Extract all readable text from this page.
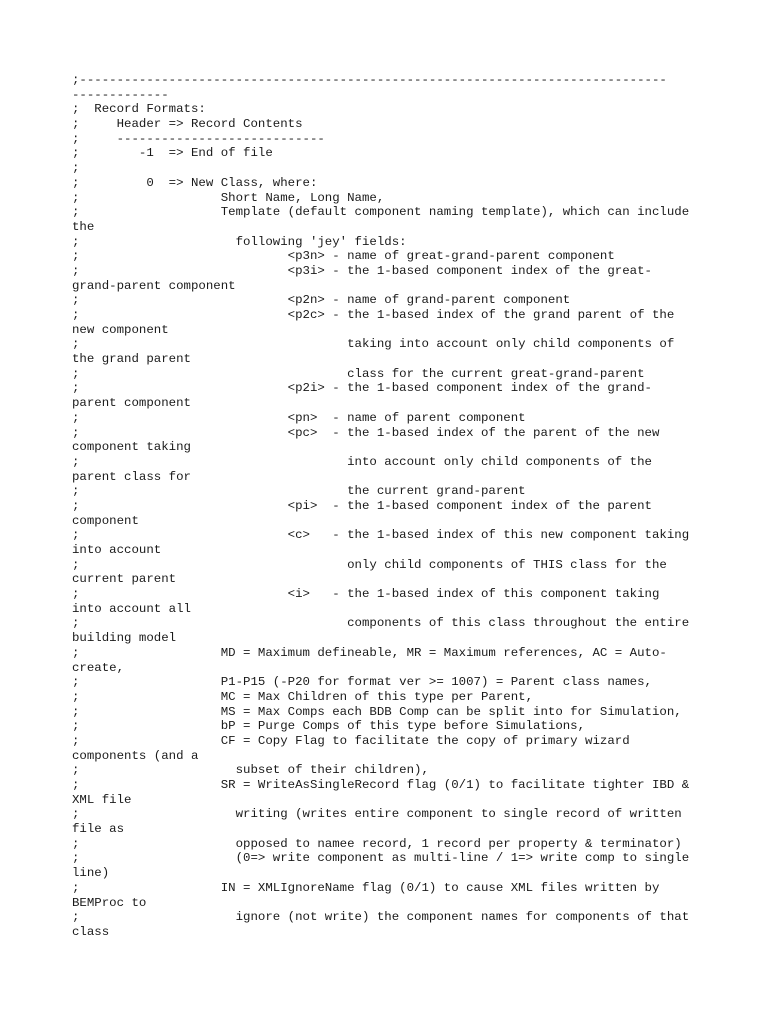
;-------------------------------------------------------------------------------
-------------
;  Record Formats:
;     Header => Record Contents
;     ----------------------------
;        -1  => End of file
;
;         0  => New Class, where:
;                   Short Name, Long Name,
;                   Template (default component naming template), which can include
the
;                     following 'jey' fields:
;                            <p3n> - name of great-grand-parent component
;                            <p3i> - the 1-based component index of the great-
grand-parent component
;                            <p2n> - name of grand-parent component
;                            <p2c> - the 1-based index of the grand parent of the
new component
;                                    taking into account only child components of
the grand parent
;                                    class for the current great-grand-parent
;                            <p2i> - the 1-based component index of the grand-
parent component
;                            <pn>  - name of parent component
;                            <pc>  - the 1-based index of the parent of the new
component taking
;                                    into account only child components of the
parent class for
;                                    the current grand-parent
;                            <pi>  - the 1-based component index of the parent
component
;                            <c>   - the 1-based index of this new component taking
into account
;                                    only child components of THIS class for the
current parent
;                            <i>   - the 1-based index of this component taking
into account all
;                                    components of this class throughout the entire
building model
;                   MD = Maximum defineable, MR = Maximum references, AC = Auto-
create,
;                   P1-P15 (-P20 for format ver >= 1007) = Parent class names,
;                   MC = Max Children of this type per Parent,
;                   MS = Max Comps each BDB Comp can be split into for Simulation,
;                   bP = Purge Comps of this type before Simulations,
;                   CF = Copy Flag to facilitate the copy of primary wizard
components (and a
;                     subset of their children),
;                   SR = WriteAsSingleRecord flag (0/1) to facilitate tighter IBD &
XML file
;                     writing (writes entire component to single record of written
file as
;                     opposed to namee record, 1 record per property & terminator)
;                     (0=> write component as multi-line / 1=> write comp to single
line)
;                   IN = XMLIgnoreName flag (0/1) to cause XML files written by
BEMProc to
;                     ignore (not write) the component names for components of that
class
